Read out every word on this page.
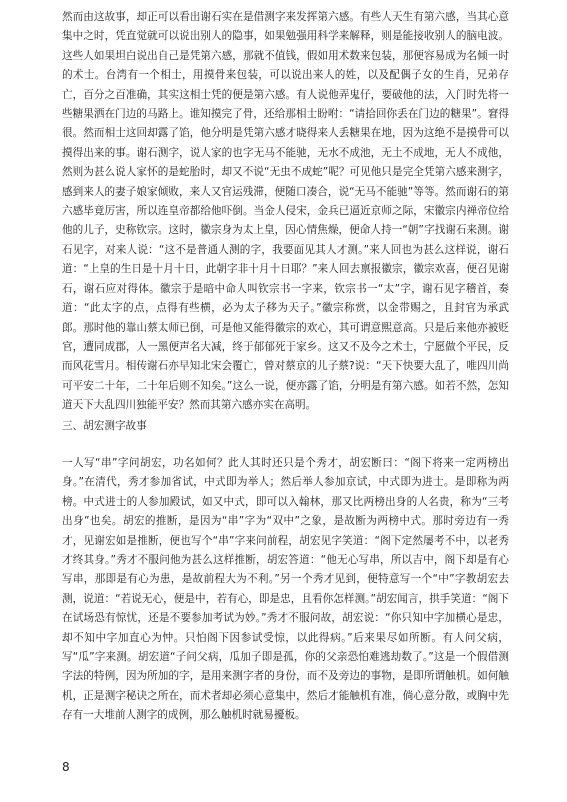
然而由这故事，却正可以看出谢石实在是借测字来发挥第六感。有些人天生有第六感，当其心意集中之时，凭直觉就可以说出别人的隐事，如果勉强用科学来解释，则是能接收别人的脑电波。这些人如果坦白说出自己是凭第六感，那就不值钱，假如用术数来包装，那便容易成为名倾一时的术士。台湾有一个相士，用摸骨来包装，可以说出来人的姓，以及配偶子女的生肖，兄弟存亡，百分之百准确，其实这相士凭的便是第六感。有人说他弄鬼仔，要破他的法，入门时先将一些糖果洒在门边的马路上。谁知摸完了骨，还给那相士盼咐：“请拾回你丢在门边的糖果”。窘得很。然而相士这回却露了馅，他分明是凭第六感才晓得来人丢糖果在地，因为这绝不是摸骨可以摸得出来的事。谢石测字，说人家的也字无马不能驰，无水不成池，无土不成地，无人不成他，然则为甚么说人家怀的是蛇胎时，却又不说“无虫不成蛇”呢？可见他只是完全凭第六感来测字，感到来人的妻子娘家倾败，来人又官运残滞，便随口凑合，说“无马不能驰”等等。然而谢石的第六感毕竟厉害，所以连皇帝都给他吓倒。当金人侵宋，金兵已逼近京师之际，宋徽宗内禅帝位给他的儿子，史称钦宗。这时，徽宗身为太上皇，因心情焦燥，便命人持一“朝”字找谢石来测。谢石见字，对来人说：“这不是普通人测的字，我要面见其人才测。”来人回也为甚么这样说，谢石道：“上皇的生日是十月十日，此朝字非十月十日耶？”来人回去禀报徽宗，徽宗欢喜，便召见谢石，谢石应对得体。徽宗于是暗中命人叫钦宗书一字来，钦宗书一“太”字，谢石见字稽首，奏道：“此太字的点，点得有些横，必为太子移为天子。”徽宗称赏，以金带赐之，且封官为承武郎。那时他的靠山蔡太师已倒，可是他又能得徽宗的欢心，其可谓意熙意高。只是后来他亦被贬官，遭同成郡，人一黑便声名大减，终于郁郁死于家乡。这又不及今之术士，宁愿做个平民，反而风花雪月。相传谢石亦早知北宋会覆亡，曾对蔡京的儿子蔡?说：“天下快要大乱了，唯四川尚可平安二十年，二十年后则不知矣。”这么一说，便亦露了馅，分明是有第六感。如若不然，怎知道天下大乱四川独能平安？然而其第六感亦实在高明。

三、胡宏测字故事

一人写“串”字问胡宏，功名如何？此人其时还只是个秀才，胡宏断曰：“阁下将来一定两榜出身。”在清代，秀才参加省试，中式即为举人；然后举人参加京试，中式即为进士。是即称为两榜。中式进士的人参加殿试，如又中式，即可以入翰林，那又比两榜出身的人名贵，称为“三考出身”也矣。胡宏的推断，是因为“串”字为“双中”之象，是故断为两榜中式。那时旁边有一秀才，见谢宏如是推断，便也写个“串”字来问前程，胡宏见字笑道：“阁下定然屡考不中，以老秀才终其身。”秀才不服问他为甚么这样推断，胡宏答道：“他无心写串，所以吉中，阁下却是有心写串，那即是有心为患，是故前程大为不利。”另一个秀才见到，便特意写一个“中”字教胡宏去测，说道：“若说无心，便是中，若有心，即是忠，且看你怎样测。”胡宏闻言，拱手笑道：“阁下在试场恐有惊忧，还是不要参加考试为妙。”秀才不服问故，胡宏说：“你只知中字加横心是忠，却不知中字加直心为忡。只怕阁下因参试受惊，以此得病。”后来果尽如所断。有人问父病，写“瓜”字来测。胡宏道“子问父病，瓜加子即是孤，你的父亲恐怕难逃劫数了。”这是一个假借测字法的特例，因为所加的字，是用来测字者的身份，而不及旁边的事物，是即所谓触机。如何触机，正是测字秘诀之所在，而术者却必须心意集中，然后才能触机有准，倘心意分散，或胸中先存有一大堆前人测字的成例，那么触机时就易擾板。

8
